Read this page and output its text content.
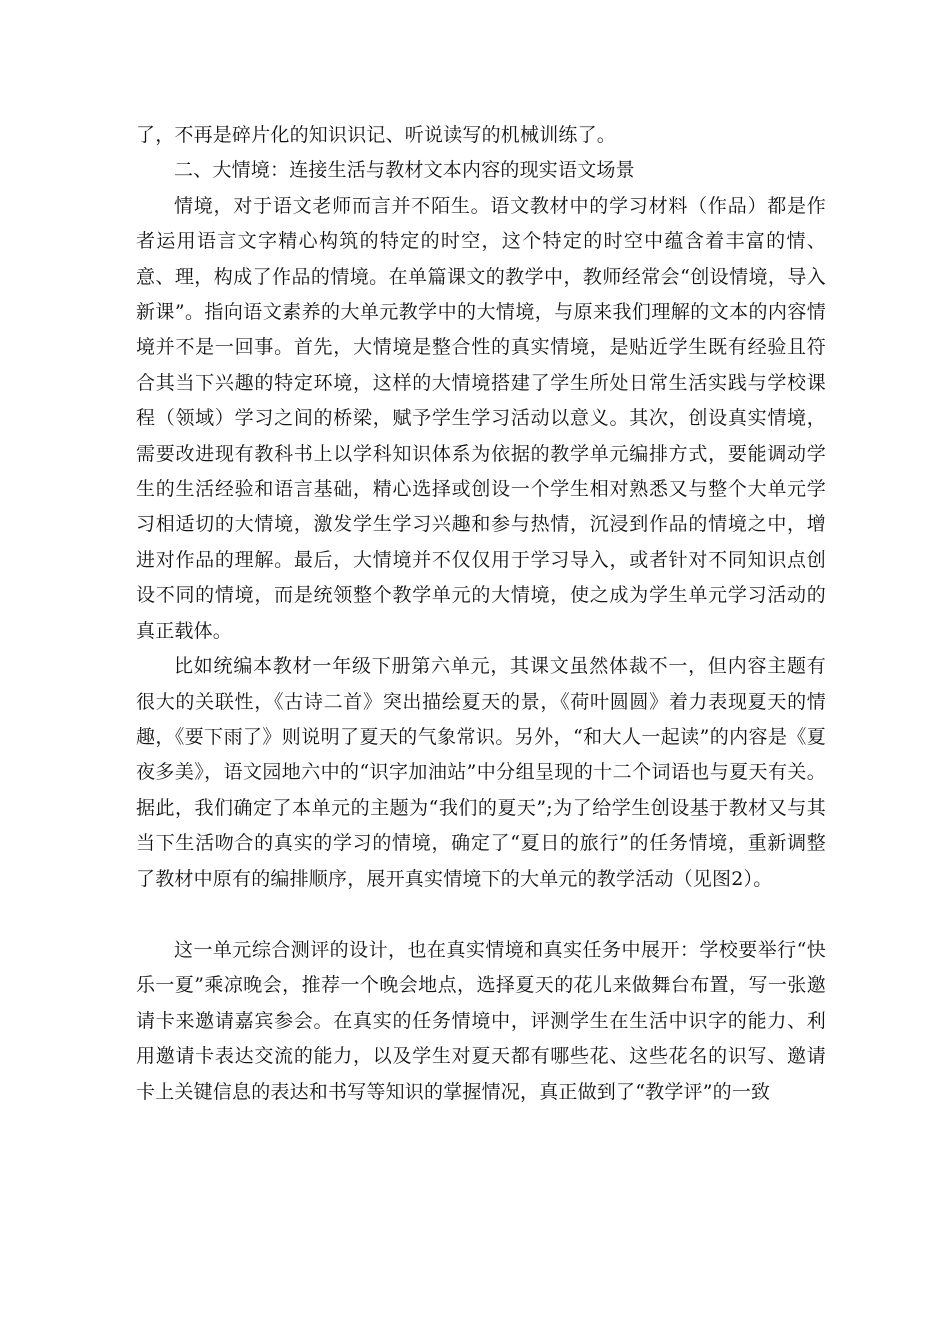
了，不再是碎片化的知识识记、听说读写的机械训练了。

二、大情境：连接生活与教材文本内容的现实语文场景

情境，对于语文老师而言并不陌生。语文教材中的学习材料（作品）都是作者运用语言文字精心构筑的特定的时空，这个特定的时空中蕴含着丰富的情、意、理，构成了作品的情境。在单篇课文的教学中，教师经常会“创设情境，导入新课”。指向语文素养的大单元教学中的大情境，与原来我们理解的文本的内容情境并不是一回事。首先，大情境是整合性的真实情境，是贴近学生既有经验且符合其当下兴趣的特定环境，这样的大情境搭建了学生所处日常生活实践与学校课程（领域）学习之间的桥梁，赋予学生学习活动以意义。其次，创设真实情境，需要改进现有教科书上以学科知识体系为依据的教学单元编排方式，要能调动学生的生活经验和语言基础，精心选择或创设一个学生相对熟悉又与整个大单元学习相适切的大情境，激发学生学习兴趣和参与热情，沉浸到作品的情境之中，增进对作品的理解。最后，大情境并不仅仅用于学习导入，或者针对不同知识点创设不同的情境，而是统领整个教学单元的大情境，使之成为学生单元学习活动的真正载体。

比如统编本教材一年级下册第六单元，其课文虽然体裁不一，但内容主题有很大的关联性，《古诗二首》突出描绘夏天的景，《荷叶圆圆》着力表现夏天的情趣，《要下雨了》则说明了夏天的气象常识。另外，“和大人一起读”的内容是《夏夜多美》，语文园地六中的“识字加油站”中分组呈现的十二个词语也与夏天有关。据此，我们确定了本单元的主题为“我们的夏天”;为了给学生创设基于教材又与其当下生活吻合的真实的学习的情境，确定了“夏日的旅行”的任务情境，重新调整了教材中原有的编排顺序，展开真实情境下的大单元的教学活动（见图2）。

这一单元综合测评的设计，也在真实情境和真实任务中展开：学校要举行“快乐一夏”乘凉晚会，推荐一个晚会地点，选择夏天的花儿来做舞台布置，写一张邀请卡来邀请嘉宾参会。在真实的任务情境中，评测学生在生活中识字的能力、利用邀请卡表达交流的能力，以及学生对夏天都有哪些花、这些花名的识写、邀请卡上关键信息的表达和书写等知识的掌握情况，真正做到了“教学评”的一致
